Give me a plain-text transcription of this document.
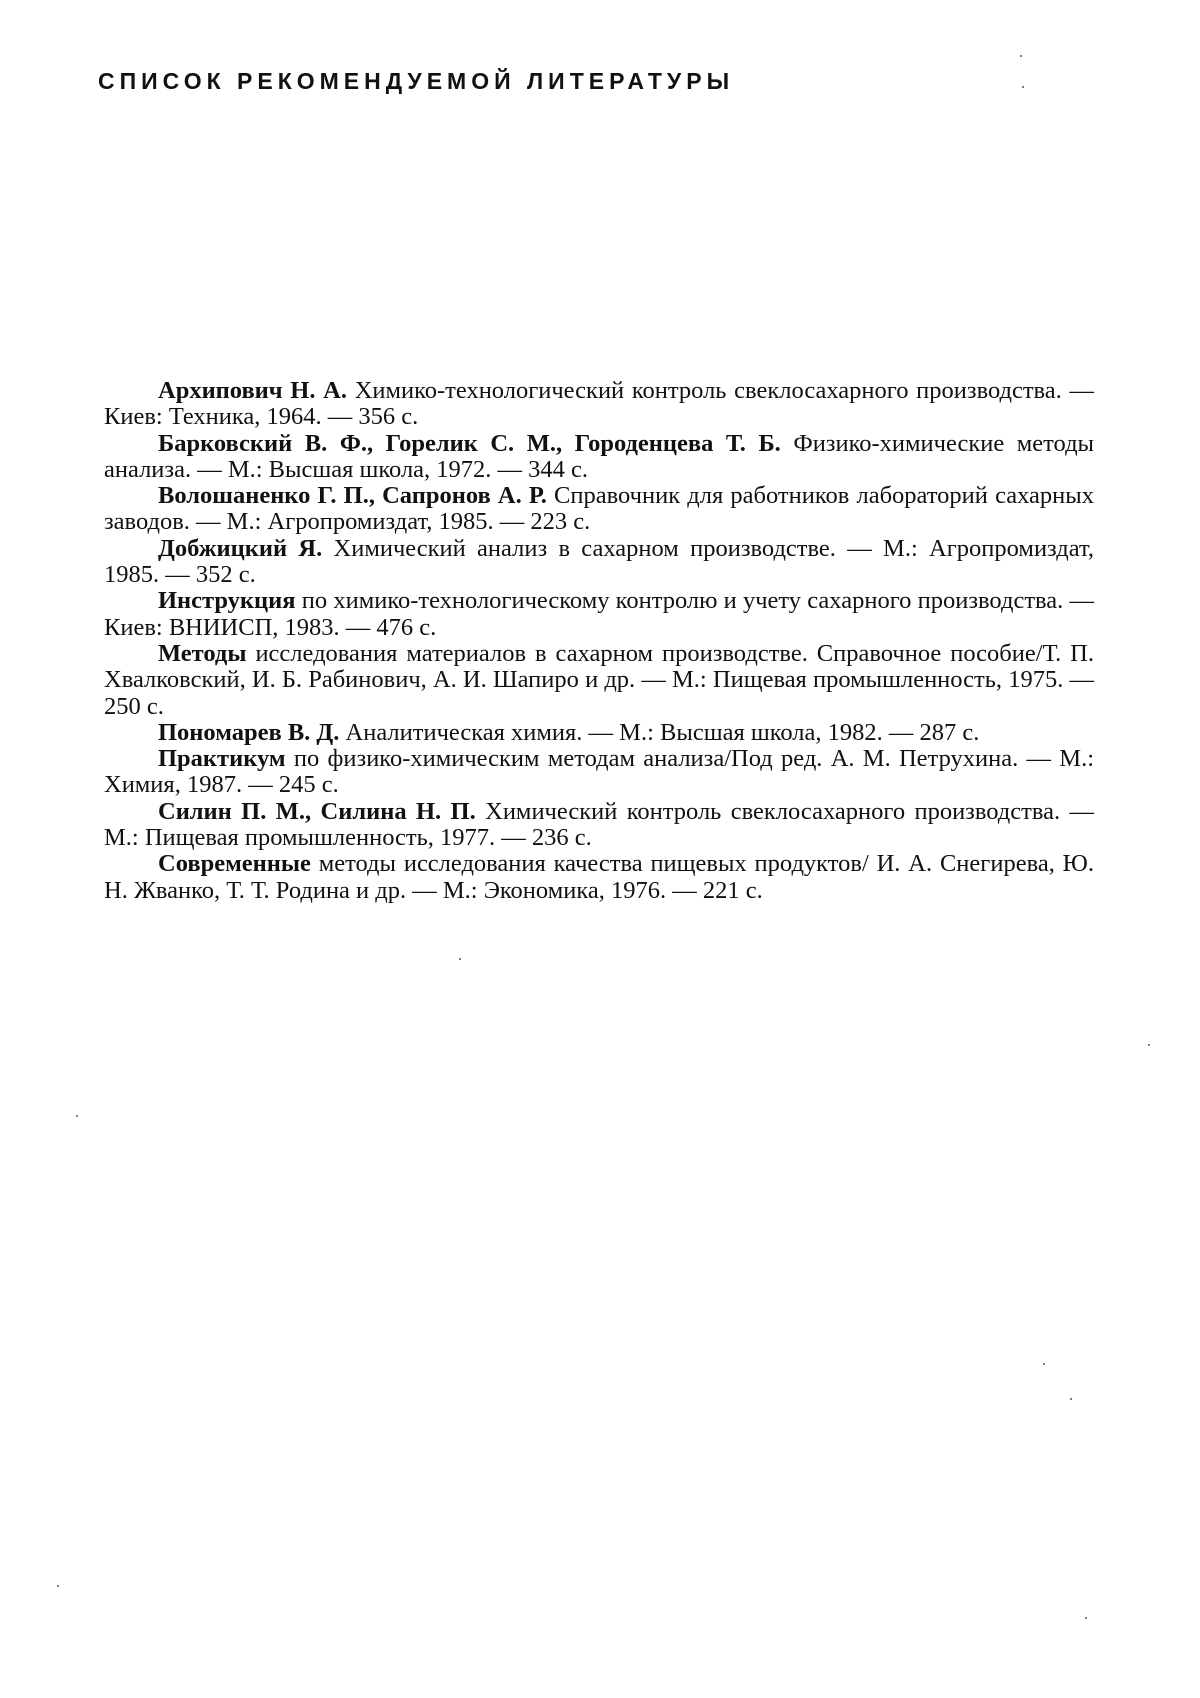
СПИСОК РЕКОМЕНДУЕМОЙ ЛИТЕРАТУРЫ
Архипович Н. А. Химико-технологический контроль свеклосахарного производства. — Киев: Техника, 1964. — 356 с.
Барковский В. Ф., Горелик С. М., Городенцева Т. Б. Физико-химические методы анализа. — М.: Высшая школа, 1972. — 344 с.
Волошаненко Г. П., Сапронов А. Р. Справочник для работников лабораторий сахарных заводов. — М.: Агропромиздат, 1985. — 223 с.
Добжицкий Я. Химический анализ в сахарном производстве. — М.: Агропромиздат, 1985. — 352 с.
Инструкция по химико-технологическому контролю и учету сахарного производства. — Киев: ВНИИСП, 1983. — 476 с.
Методы исследования материалов в сахарном производстве. Справочное пособие/Т. П. Хвалковский, И. Б. Рабинович, А. И. Шапиро и др. — М.: Пищевая промышленность, 1975. — 250 с.
Пономарев В. Д. Аналитическая химия. — М.: Высшая школа, 1982. — 287 с.
Практикум по физико-химическим методам анализа/Под ред. А. М. Петрухина. — М.: Химия, 1987. — 245 с.
Силин П. М., Силина Н. П. Химический контроль свеклосахарного производства. — М.: Пищевая промышленность, 1977. — 236 с.
Современные методы исследования качества пищевых продуктов/ И. А. Снегирева, Ю. Н. Жванко, Т. Т. Родина и др. — М.: Экономика, 1976. — 221 с.
